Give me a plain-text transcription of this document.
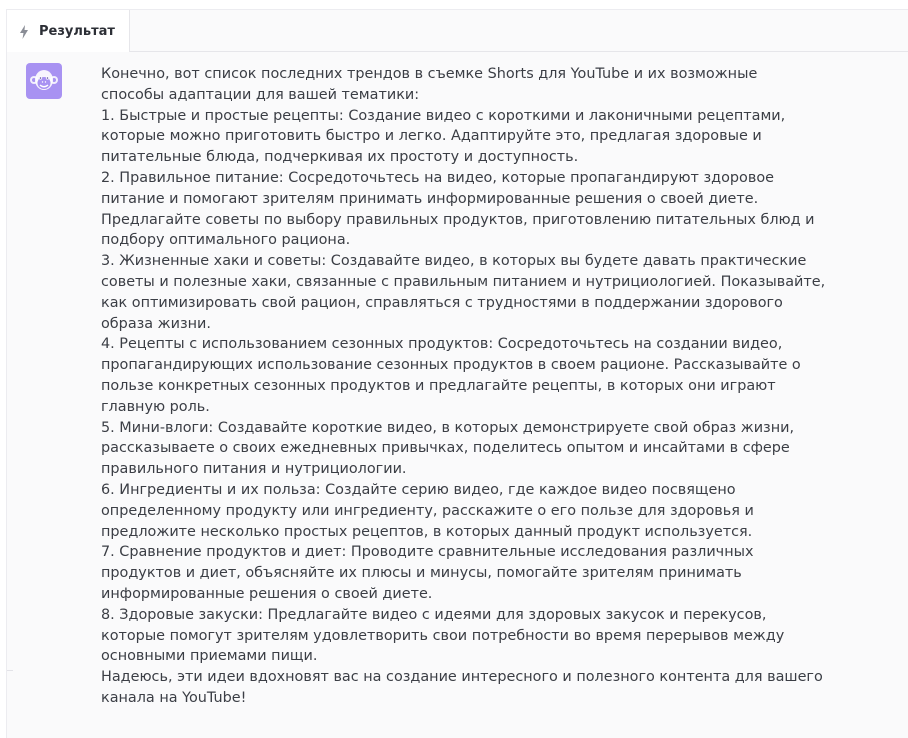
Результат
Конечно, вот список последних трендов в съемке Shorts для YouTube и их возможные
способы адаптации для вашей тематики:
1. Быстрые и простые рецепты: Создание видео с короткими и лаконичными рецептами,
которые можно приготовить быстро и легко. Адаптируйте это, предлагая здоровые и
питательные блюда, подчеркивая их простоту и доступность.
2. Правильное питание: Сосредоточьтесь на видео, которые пропагандируют здоровое
питание и помогают зрителям принимать информированные решения о своей диете.
Предлагайте советы по выбору правильных продуктов, приготовлению питательных блюд и
подбору оптимального рациона.
3. Жизненные хаки и советы: Создавайте видео, в которых вы будете давать практические
советы и полезные хаки, связанные с правильным питанием и нутрициологией. Показывайте,
как оптимизировать свой рацион, справляться с трудностями в поддержании здорового
образа жизни.
4. Рецепты с использованием сезонных продуктов: Сосредоточьтесь на создании видео,
пропагандирующих использование сезонных продуктов в своем рационе. Рассказывайте о
пользе конкретных сезонных продуктов и предлагайте рецепты, в которых они играют
главную роль.
5. Мини-влоги: Создавайте короткие видео, в которых демонстрируете свой образ жизни,
рассказываете о своих ежедневных привычках, поделитесь опытом и инсайтами в сфере
правильного питания и нутрициологии.
6. Ингредиенты и их польза: Создайте серию видео, где каждое видео посвящено
определенному продукту или ингредиенту, расскажите о его пользе для здоровья и
предложите несколько простых рецептов, в которых данный продукт используется.
7. Сравнение продуктов и диет: Проводите сравнительные исследования различных
продуктов и диет, объясняйте их плюсы и минусы, помогайте зрителям принимать
информированные решения о своей диете.
8. Здоровые закуски: Предлагайте видео с идеями для здоровых закусок и перекусов,
которые помогут зрителям удовлетворить свои потребности во время перерывов между
основными приемами пищи.
Надеюсь, эти идеи вдохновят вас на создание интересного и полезного контента для вашего
канала на YouTube!
